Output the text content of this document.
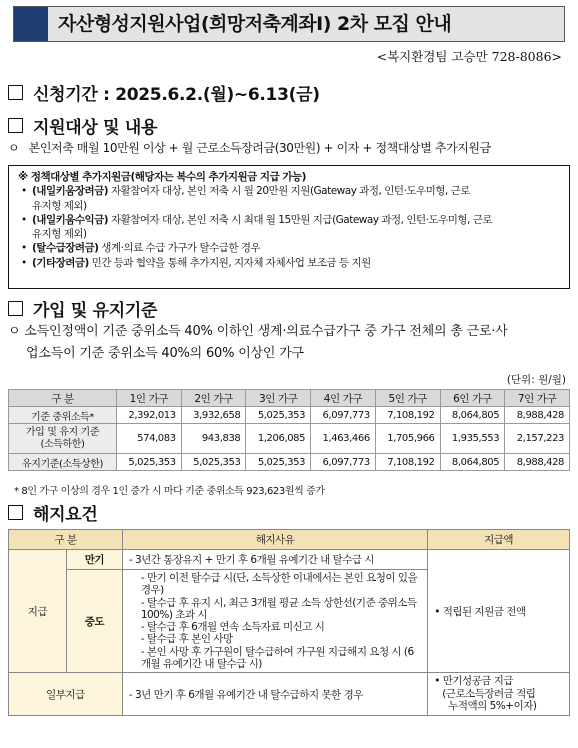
자산형성지원사업(희망저축계좌Ⅰ) 2차 모집 안내
<복지환경팀 고승만 728-8086>
신청기간 : 2025.6.2.(월)~6.13(금)
지원대상 및 내용
ㅇ 본인저축 매월 10만원 이상 + 월 근로소득장려금(30만원) + 이자 + 정책대상별 추가지원금
※ 정책대상별 추가지원금(해당자는 복수의 추가지원금 지급 가능)
• (내일키움장려금) 자활참여자 대상, 본인 저축 시 월 20만원 지원(Gateway 과정, 인턴·도우미형, 근로
유지형 제외)
• (내일키움수익금) 자활참여자 대상, 본인 저축 시 최대 월 15만원 지급(Gateway 과정, 인턴·도우미형, 근로
유지형 제외)
• (탈수급장려금) 생계·의료 수급 가구가 탈수급한 경우
• (기타장려금) 민간 등과 협약을 통해 추가지원, 지자체 자체사업 보조금 등 지원
가입 및 유지기준
ㅇ 소득인정액이 기준 중위소득 40% 이하인 생계·의료수급가구 중 가구 전체의 총 근로·사
업소득이 기준 중위소득 40%의 60% 이상인 가구
(단위: 원/월)
구 분	1인 가구	2인 가구	3인 가구	4인 가구	5인 가구	6인 가구	7인 가구
기준 중위소득*	2,392,013	3,932,658	5,025,353	6,097,773	7,108,192	8,064,805	8,988,428
가입 및 유지 기준
(소득하한)	574,083	943,838	1,206,085	1,463,466	1,705,966	1,935,553	2,157,223
유지기준(소득상한)	5,025,353	5,025,353	5,025,353	6,097,773	7,108,192	8,064,805	8,988,428
* 8인 가구 이상의 경우 1인 증가 시 마다 기준 중위소득 923,623원씩 증가
해지요건
구 분		해지사유	지급액
지급	만기	- 3년간 통장유지 + 만기 후 6개월 유예기간 내 탈수급 시	• 적립된 지원금 전액
	중도	- 만기 이전 탈수급 시(단, 소득상한 이내에서는 본인 요청이 있을 경우)
- 탈수급 후 유지 시, 최근 3개월 평균 소득 상한선(기준 중위소득 100%) 초과 시
- 탈수급 후 6개월 연속 소득자료 미신고 시
- 탈수급 후 본인 사망
- 본인 사망 후 가구원이 탈수급하여 가구원 지급해지 요청 시 (6개월 유예기간 내 탈수급 시)	

일부지급		- 3년 만기 후 6개월 유예기간 내 탈수급하지 못한 경우	• 만기성공금 지급
(근로소득장려금 적립
누적액의 5%+이자)
